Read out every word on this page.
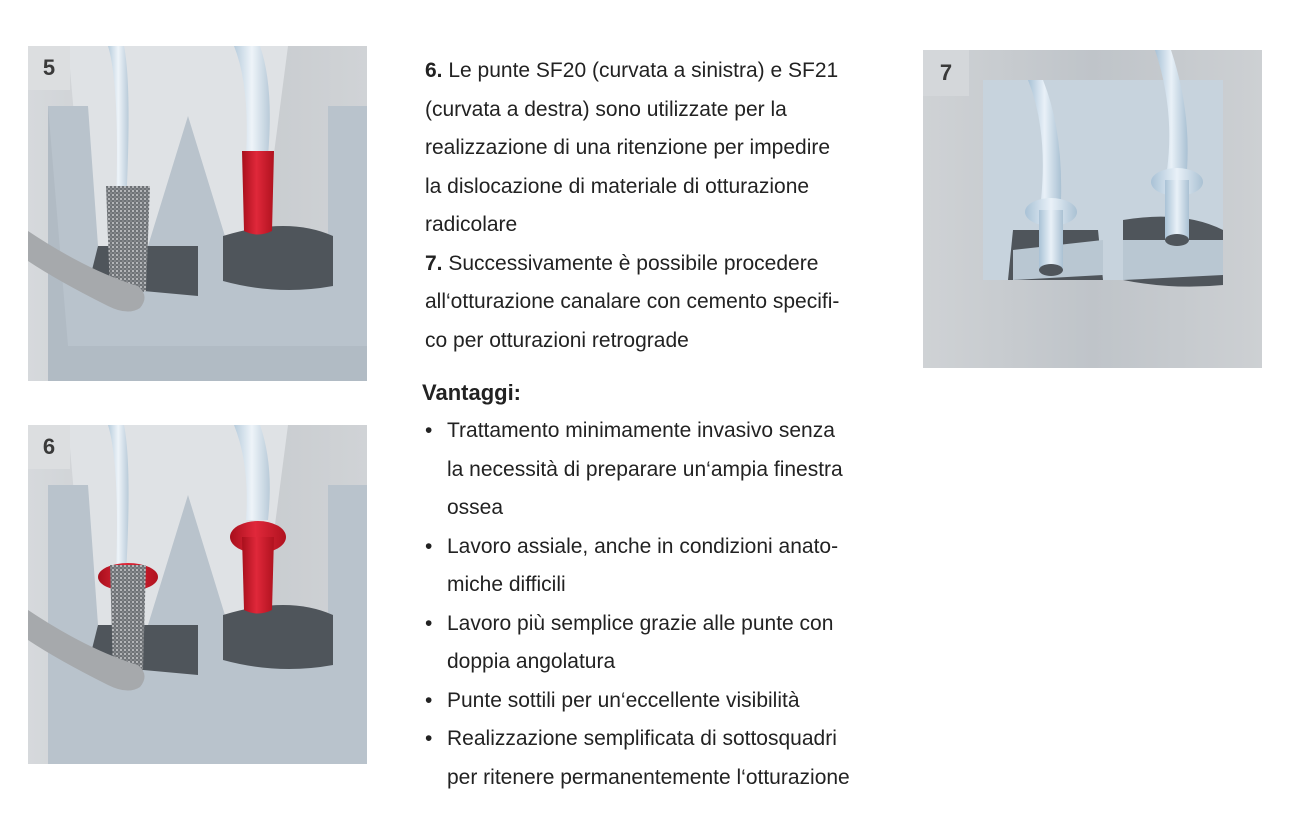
5
6
7

6. Le punte SF20 (curvata a sinistra) e SF21
(curvata a destra) sono utilizzate per la
realizzazione di una ritenzione per impedire
la dislocazione di materiale di otturazione
radicolare

7. Successivamente è possibile procedere
all‘otturazione canalare con cemento specifi-
co per otturazioni retrograde

Vantaggi:
• Trattamento minimamente invasivo senza
la necessità di preparare un‘ampia finestra
ossea
• Lavoro assiale, anche in condizioni anato-
miche difficili
• Lavoro più semplice grazie alle punte con
doppia angolatura
• Punte sottili per un‘eccellente visibilità
• Realizzazione semplificata di sottosquadri
per ritenere permanentemente l‘otturazione
